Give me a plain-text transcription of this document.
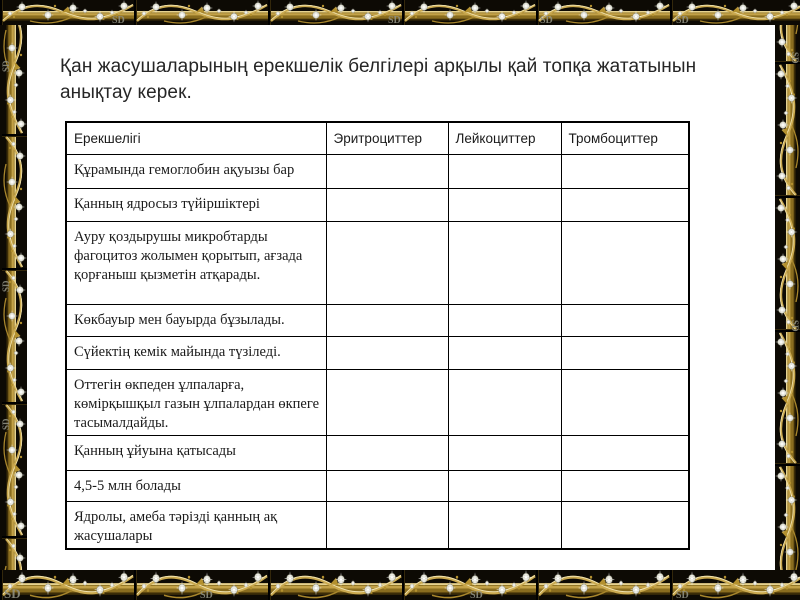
SD
SD
SD
SD
SD
SD	SD	SD	SD
SD	SD	SD	SD
Қан жасушаларының ерекшелік белгілері арқылы қай топқа жататынын
анықтау керек.
Ерекшелігі	Эритроциттер	Лейкоциттер	Тромбоциттер
Құрамында гемоглобин ақуызы бар			
Қанның ядросыз түйіршіктері			
Ауру қоздырушы микробтарды фагоцитоз жолымен қорытып, ағзада қорғаныш қызметін атқарады.			
Көкбауыр мен бауырда бұзылады.			
Сүйектің кемік майында түзіледі.			
Оттегін өкпеден ұлпаларға, көмірқышқыл газын ұлпалардан өкпеге тасымалдайды.			
Қанның ұйуына қатысады			
4,5-5 млн болады			
Ядролы, амеба тәрізді қанның ақ жасушалары			
